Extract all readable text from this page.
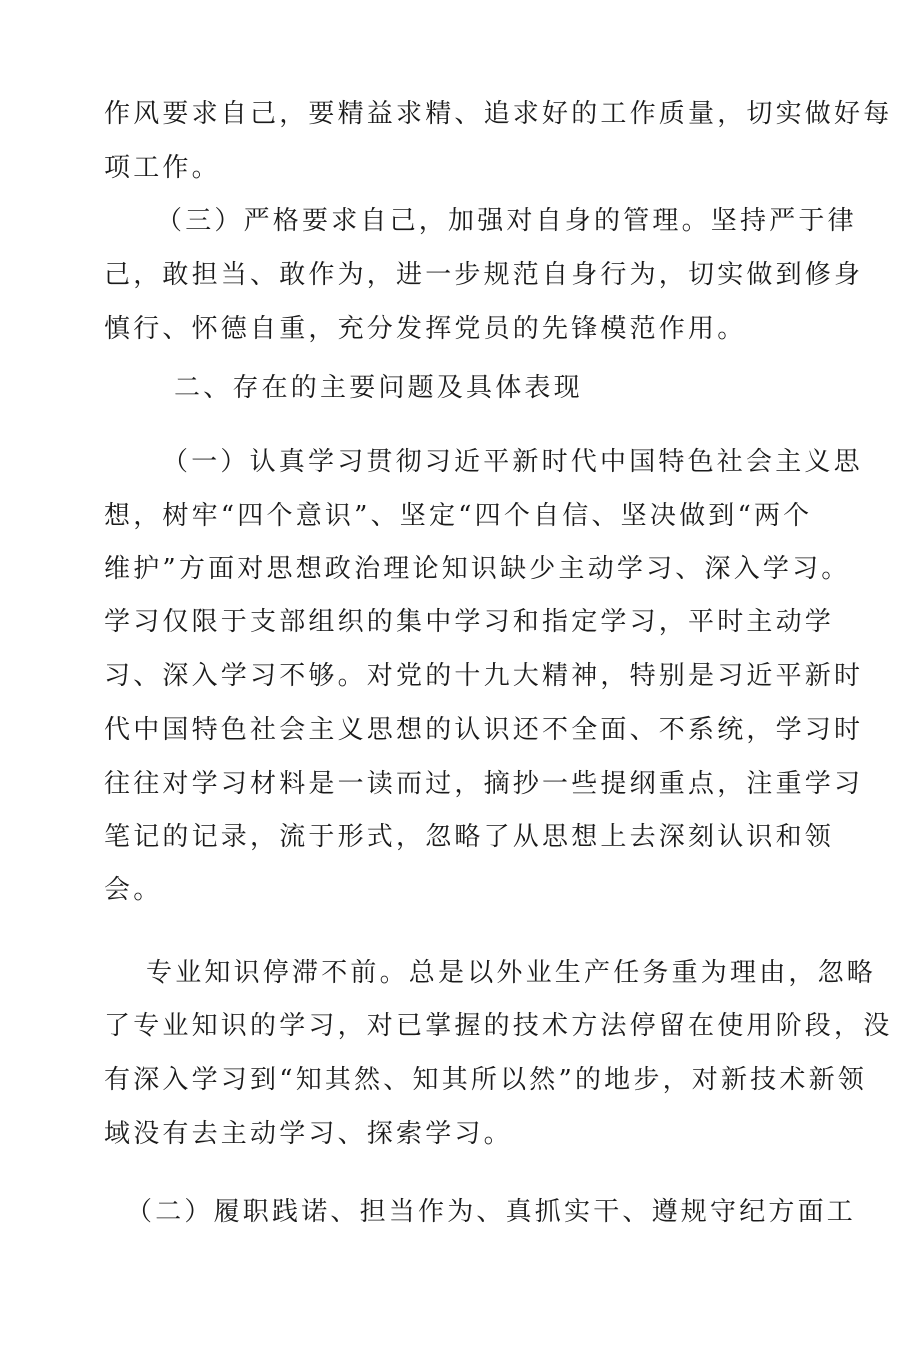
作风要求自己，要精益求精、追求好的工作质量，切实做好每
项工作。
（三）严格要求自己，加强对自身的管理。坚持严于律
己，敢担当、敢作为，进一步规范自身行为，切实做到修身
慎行、怀德自重，充分发挥党员的先锋模范作用。
二、存在的主要问题及具体表现
（一）认真学习贯彻习近平新时代中国特色社会主义思
想，树牢“四个意识”、坚定“四个自信、坚决做到“两个
维护”方面对思想政治理论知识缺少主动学习、深入学习。
学习仅限于支部组织的集中学习和指定学习，平时主动学
习、深入学习不够。对党的十九大精神，特别是习近平新时
代中国特色社会主义思想的认识还不全面、不系统，学习时
往往对学习材料是一读而过，摘抄一些提纲重点，注重学习
笔记的记录，流于形式，忽略了从思想上去深刻认识和领
会。
专业知识停滞不前。总是以外业生产任务重为理由，忽略
了专业知识的学习，对已掌握的技术方法停留在使用阶段，没
有深入学习到“知其然、知其所以然”的地步，对新技术新领
域没有去主动学习、探索学习。
（二）履职践诺、担当作为、真抓实干、遵规守纪方面工
